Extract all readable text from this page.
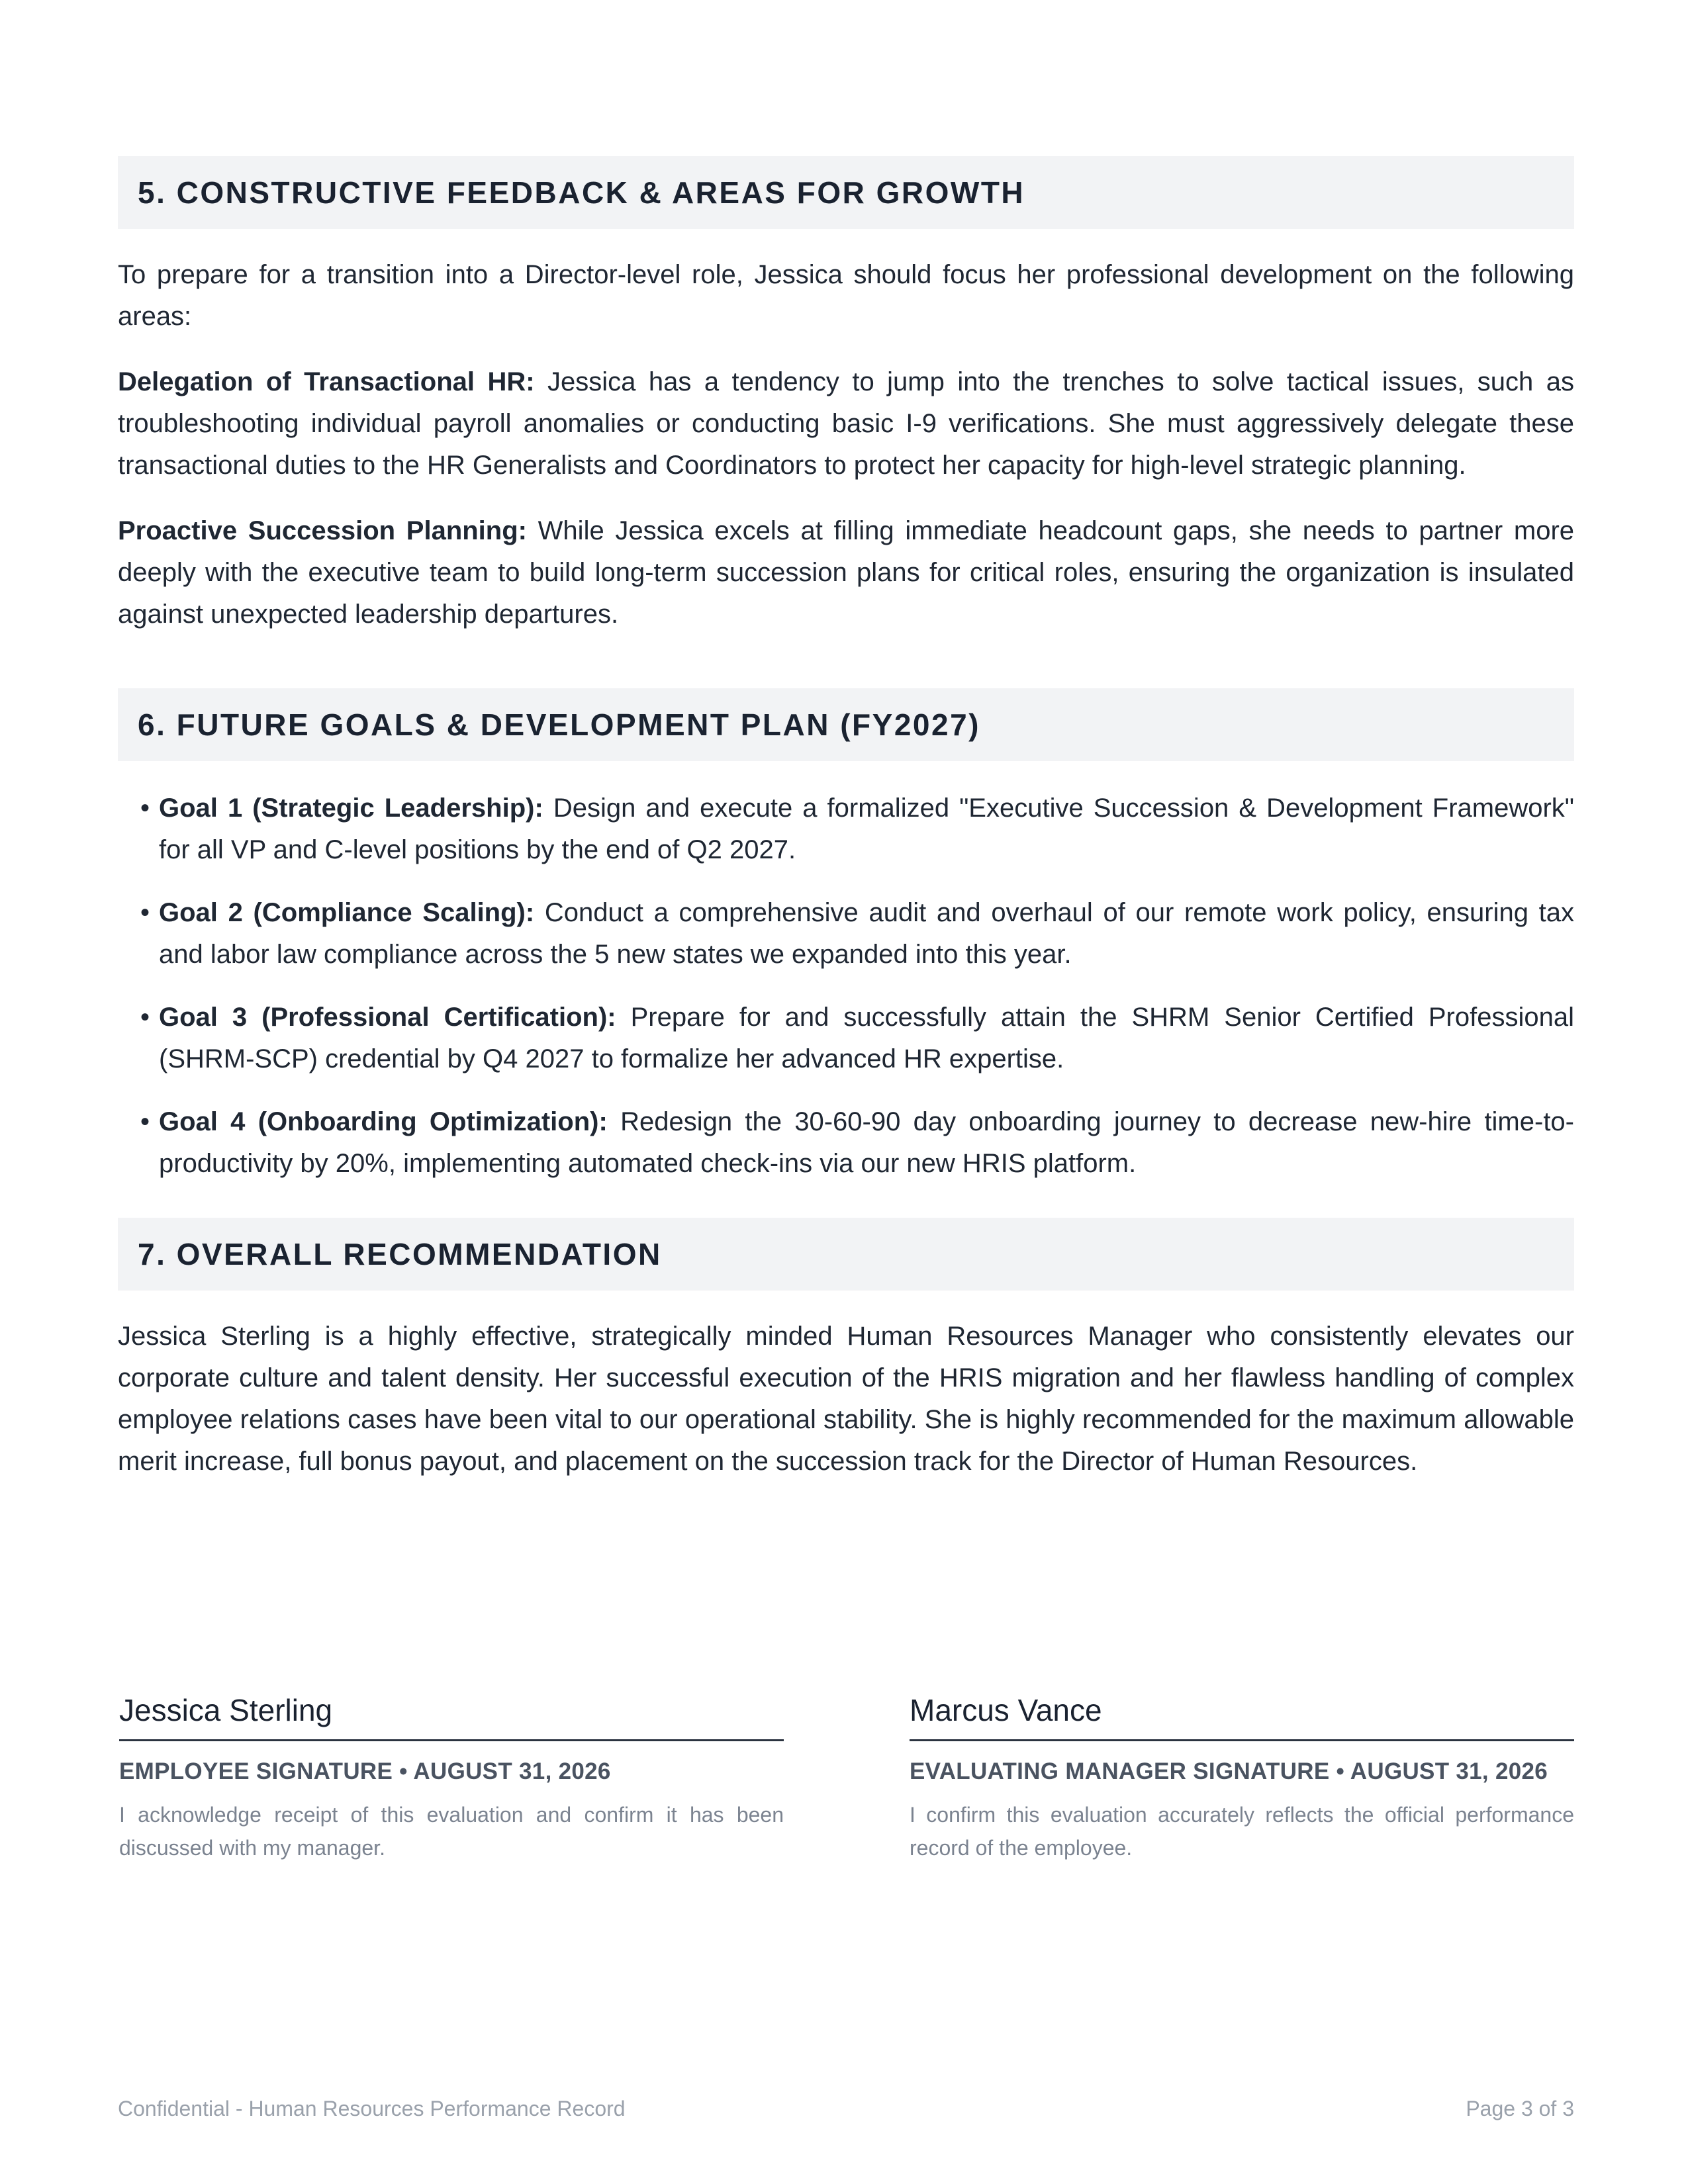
5. CONSTRUCTIVE FEEDBACK & AREAS FOR GROWTH

To prepare for a transition into a Director-level role, Jessica should focus her professional development on the following areas:

Delegation of Transactional HR: Jessica has a tendency to jump into the trenches to solve tactical issues, such as troubleshooting individual payroll anomalies or conducting basic I-9 verifications. She must aggressively delegate these transactional duties to the HR Generalists and Coordinators to protect her capacity for high-level strategic planning.

Proactive Succession Planning: While Jessica excels at filling immediate headcount gaps, she needs to partner more deeply with the executive team to build long-term succession plans for critical roles, ensuring the organization is insulated against unexpected leadership departures.

6. FUTURE GOALS & DEVELOPMENT PLAN (FY2027)
• Goal 1 (Strategic Leadership): Design and execute a formalized "Executive Succession & Development Framework" for all VP and C-level positions by the end of Q2 2027.
• Goal 2 (Compliance Scaling): Conduct a comprehensive audit and overhaul of our remote work policy, ensuring tax and labor law compliance across the 5 new states we expanded into this year.
• Goal 3 (Professional Certification): Prepare for and successfully attain the SHRM Senior Certified Professional (SHRM-SCP) credential by Q4 2027 to formalize her advanced HR expertise.
• Goal 4 (Onboarding Optimization): Redesign the 30-60-90 day onboarding journey to decrease new-hire time-to-productivity by 20%, implementing automated check-ins via our new HRIS platform.
7. OVERALL RECOMMENDATION

Jessica Sterling is a highly effective, strategically minded Human Resources Manager who consistently elevates our corporate culture and talent density. Her successful execution of the HRIS migration and her flawless handling of complex employee relations cases have been vital to our operational stability. She is highly recommended for the maximum allowable merit increase, full bonus payout, and placement on the succession track for the Director of Human Resources.

Jessica Sterling
EMPLOYEE SIGNATURE • AUGUST 31, 2026
I acknowledge receipt of this evaluation and confirm it has been discussed with my manager.
Marcus Vance
EVALUATING MANAGER SIGNATURE • AUGUST 31, 2026
I confirm this evaluation accurately reflects the official performance record of the employee.
Confidential - Human Resources Performance Record	Page 3 of 3
